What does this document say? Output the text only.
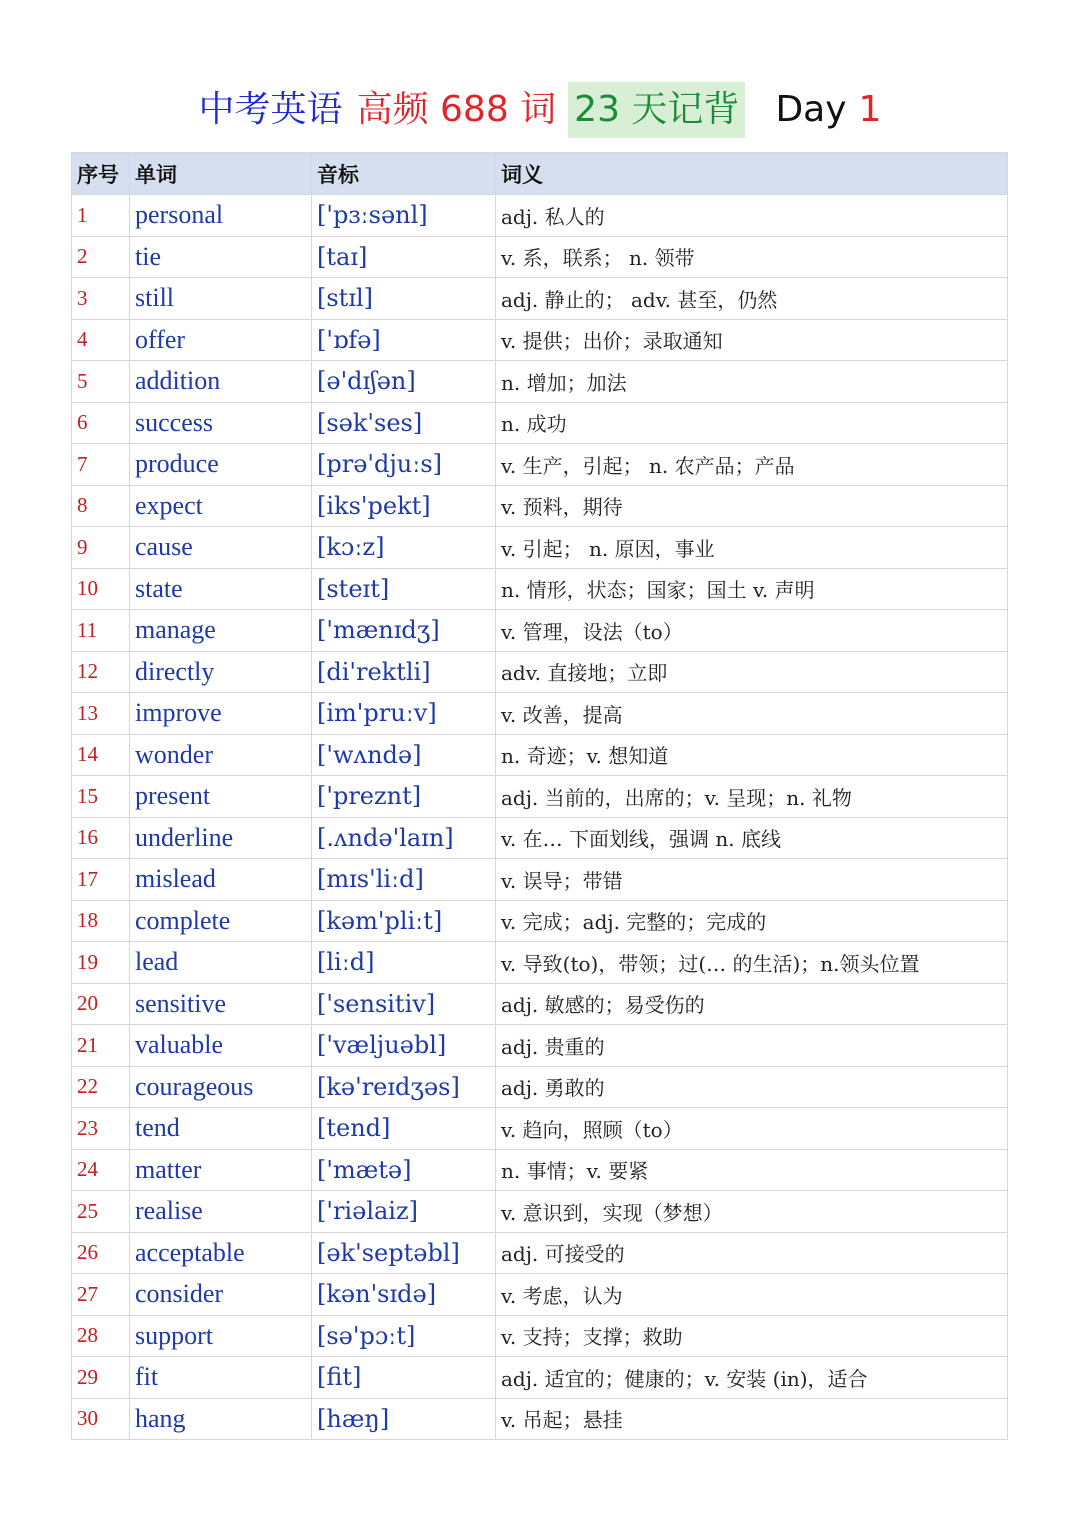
中考英语 高频 688 词 23 天记背 Day 1
序号	单词	音标	词义
1	personal	['pɜːsənl]	adj. 私人的
2	tie	[taɪ]	v. 系，联系； n. 领带
3	still	[stɪl]	adj. 静止的； adv. 甚至，仍然
4	offer	['ɒfə]	v. 提供；出价；录取通知
5	addition	[ə'dɪʃən]	n. 增加；加法
6	success	[sək'ses]	n. 成功
7	produce	[prə'djuːs]	v. 生产，引起； n. 农产品；产品
8	expect	[iks'pekt]	v. 预料，期待
9	cause	[kɔːz]	v. 引起； n. 原因，事业
10	state	[steɪt]	n. 情形，状态；国家；国土 v. 声明
11	manage	['mænɪdʒ]	v. 管理，设法（to）
12	directly	[di'rektli]	adv. 直接地；立即
13	improve	[im'pruːv]	v. 改善，提高
14	wonder	['wʌndə]	n. 奇迹；v. 想知道
15	present	['preznt]	adj. 当前的，出席的；v. 呈现；n. 礼物
16	underline	[.ʌndə'laɪn]	v. 在… 下面划线，强调 n. 底线
17	mislead	[mɪs'liːd]	v. 误导；带错
18	complete	[kəm'pliːt]	v. 完成；adj. 完整的；完成的
19	lead	[liːd]	v. 导致(to)，带领；过(… 的生活)；n.领头位置
20	sensitive	['sensitiv]	adj. 敏感的；易受伤的
21	valuable	['væljuəbl]	adj. 贵重的
22	courageous	[kə'reɪdʒəs]	adj. 勇敢的
23	tend	[tend]	v. 趋向，照顾（to）
24	matter	['mætə]	n. 事情；v. 要紧
25	realise	['riəlaiz]	v. 意识到，实现（梦想）
26	acceptable	[ək'septəbl]	adj. 可接受的
27	consider	[kən'sɪdə]	v. 考虑，认为
28	support	[sə'pɔːt]	v. 支持；支撑；救助
29	fit	[fit]	adj. 适宜的；健康的；v. 安装 (in)，适合
30	hang	[hæŋ]	v. 吊起；悬挂
